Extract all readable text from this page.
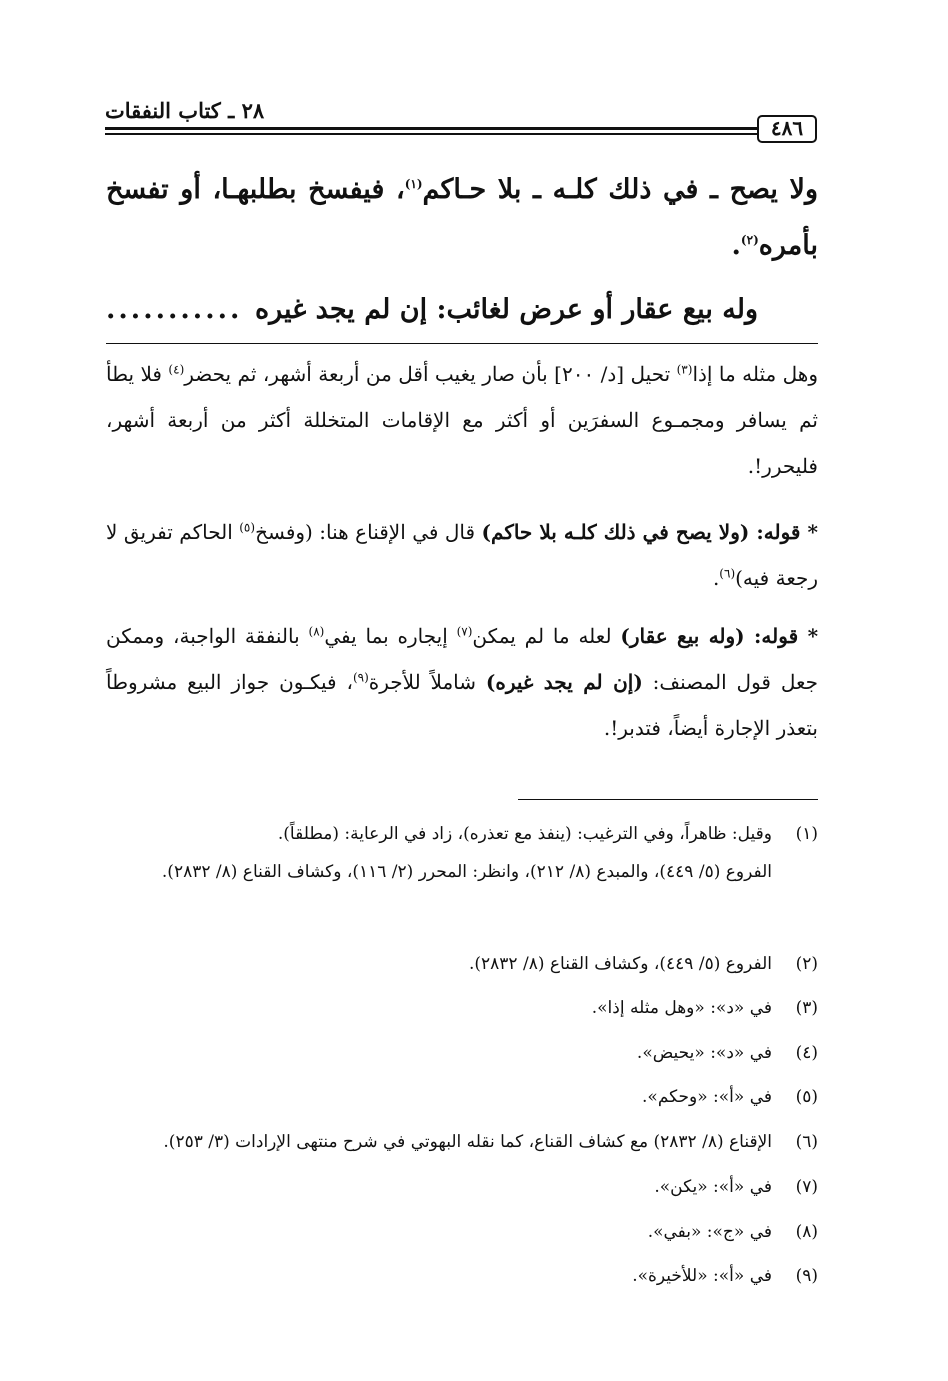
٢٨ ـ كتاب النفقات
٤٨٦
ولا يصح ـ في ذلك كلـه ـ بلا حـاكم$^{(١)}$، فيفسخ بطلبهـا، أو تفسخ بأمره$^{(٢)}$.
وله بيع عقار أو عرض لغائب: إن لم يجد غيره
...........
وهل مثله ما إذا$^{(٣)}$ تحيل [د/ ٢٠٠] بأن صار يغيب أقل من أربعة أشهر، ثم يحضر$^{(٤)}$ فلا يطأ ثم يسافر ومجمـوع السفرَين أو أكثر مع الإقامات المتخللة أكثر من أربعة أشهر، فليحرر!.
* قوله: (ولا يصح في ذلك كلـه بلا حاكم) قال في الإقناع هنا: (وفسخ$^{(٥)}$ الحاكم تفريق لا رجعة فيه)$^{(٦)}$.
* قوله: (وله بيع عقار) لعله ما لم يمكن$^{(٧)}$ إيجاره بما يفي$^{(٨)}$ بالنفقة الواجبة، وممكن جعل قول المصنف: (إن لم يجد غيره) شاملاً للأجرة$^{(٩)}$، فيكـون جواز البيع مشروطاً بتعذر الإجارة أيضاً، فتدبر!.
(١)
وقيل: ظاهراً، وفي الترغيب: (ينفذ مع تعذره)، زاد في الرعاية: (مطلقاً).
الفروع (٥/ ٤٤٩)، والمبدع (٨/ ٢١٢)، وانظر: المحرر (٢/ ١١٦)، وكشاف القناع (٨/ ٢٨٣٢).
(٢)
الفروع (٥/ ٤٤٩)، وكشاف القناع (٨/ ٢٨٣٢).
(٣)
في «د»: «وهل مثله إذا».
(٤)
في «د»: «يحيض».
(٥)
في «أ»: «وحكم».
(٦)
الإقناع (٨/ ٢٨٣٢) مع كشاف القناع، كما نقله البهوتي في شرح منتهى الإرادات (٣/ ٢٥٣).
(٧)
في «أ»: «يكن».
(٨)
في «ج»: «بفي».
(٩)
في «أ»: «للأخيرة».
